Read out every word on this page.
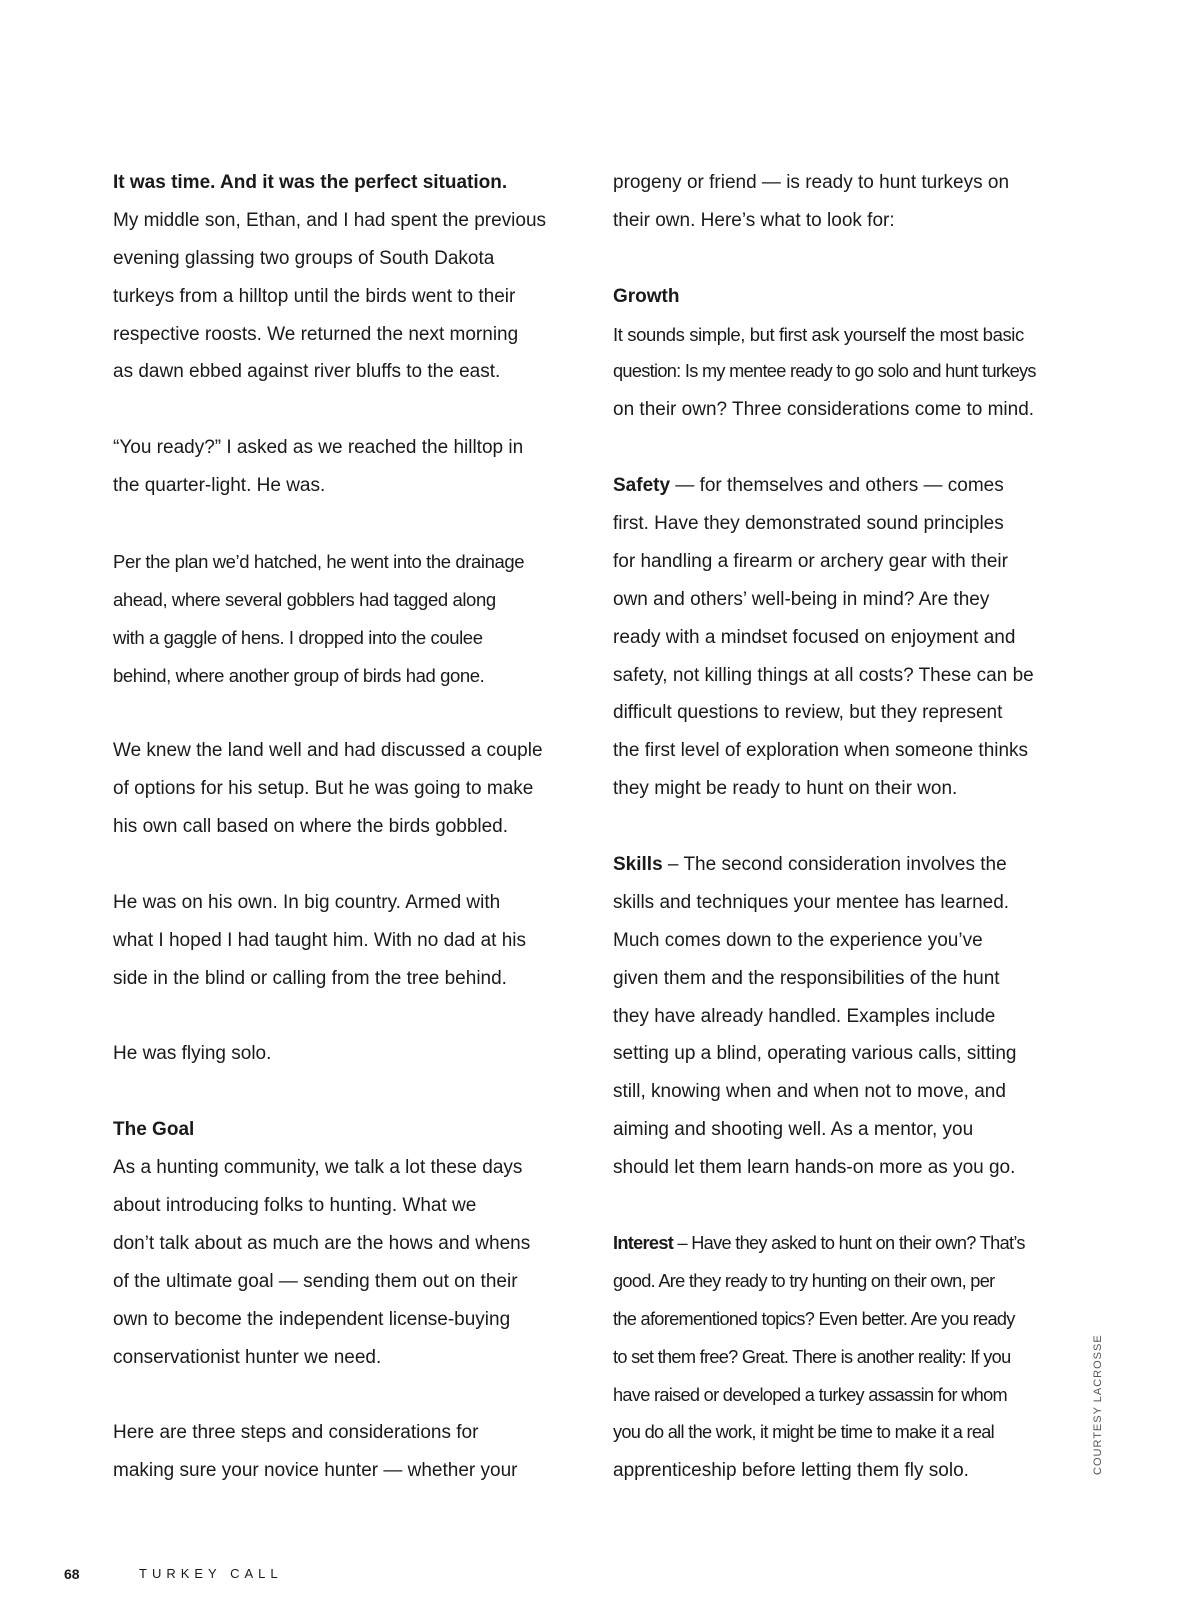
It was time. And it was the perfect situation.
My middle son, Ethan, and I had spent the previous
evening glassing two groups of South Dakota
turkeys from a hilltop until the birds went to their
respective roosts. We returned the next morning
as dawn ebbed against river bluffs to the east.
“You ready?” I asked as we reached the hilltop in
the quarter-light. He was.
Per the plan we’d hatched, he went into the drainage
ahead, where several gobblers had tagged along
with a gaggle of hens. I dropped into the coulee
behind, where another group of birds had gone.
We knew the land well and had discussed a couple
of options for his setup. But he was going to make
his own call based on where the birds gobbled.
He was on his own. In big country. Armed with
what I hoped I had taught him. With no dad at his
side in the blind or calling from the tree behind.
He was flying solo.
The Goal
As a hunting community, we talk a lot these days
about introducing folks to hunting. What we
don’t talk about as much are the hows and whens
of the ultimate goal — sending them out on their
own to become the independent license-buying
conservationist hunter we need.
Here are three steps and considerations for
making sure your novice hunter — whether your
progeny or friend — is ready to hunt turkeys on
their own. Here’s what to look for:
Growth
It sounds simple, but first ask yourself the most basic
question: Is my mentee ready to go solo and hunt turkeys
on their own? Three considerations come to mind.
Safety — for themselves and others — comes
first. Have they demonstrated sound principles
for handling a firearm or archery gear with their
own and others’ well-being in mind? Are they
ready with a mindset focused on enjoyment and
safety, not killing things at all costs? These can be
difficult questions to review, but they represent
the first level of exploration when someone thinks
they might be ready to hunt on their won.
Skills – The second consideration involves the
skills and techniques your mentee has learned.
Much comes down to the experience you’ve
given them and the responsibilities of the hunt
they have already handled. Examples include
setting up a blind, operating various calls, sitting
still, knowing when and when not to move, and
aiming and shooting well. As a mentor, you
should let them learn hands-on more as you go.
Interest – Have they asked to hunt on their own? That’s
good. Are they ready to try hunting on their own, per
the aforementioned topics? Even better. Are you ready
to set them free? Great. There is another reality: If you
have raised or developed a turkey assassin for whom
you do all the work, it might be time to make it a real
apprenticeship before letting them fly solo.	COURTESY LACROSSE
68	TURKEY CALL
